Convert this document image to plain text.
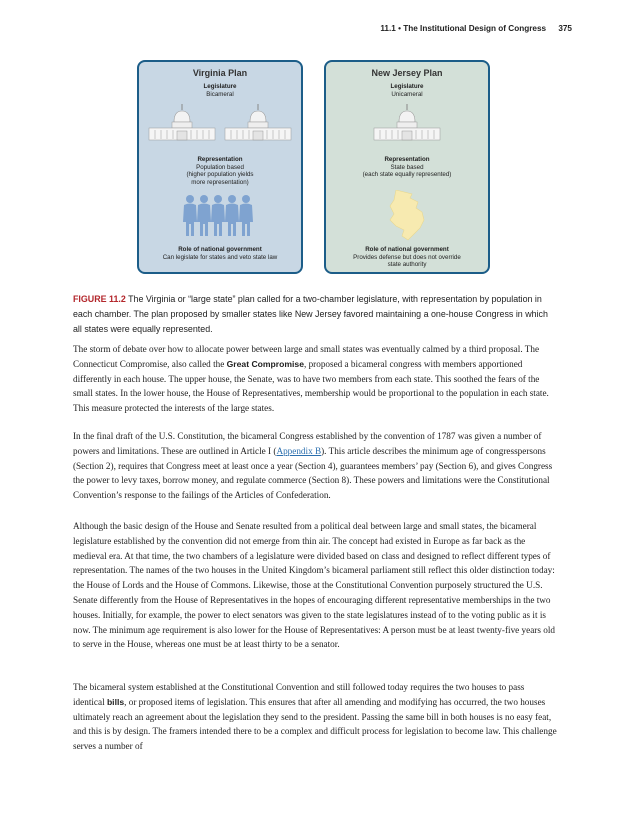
11.1 • The Institutional Design of Congress 375
Virginia Plan
Legislature
Bicameral
Representation
Population based
(higher population yields
more representation)
Role of national government
Can legislate for states and veto state law
New Jersey Plan
Legislature
Unicameral
Representation
State based
(each state equally represented)
Role of national government
Provides defense but does not override
state authority
FIGURE 11.2 The Virginia or “large state” plan called for a two-chamber legislature, with representation by population in each chamber. The plan proposed by smaller states like New Jersey favored maintaining a one-house Congress in which all states were equally represented.

The storm of debate over how to allocate power between large and small states was eventually calmed by a third proposal. The Connecticut Compromise, also called the Great Compromise, proposed a bicameral congress with members apportioned differently in each house. The upper house, the Senate, was to have two members from each state. This soothed the fears of the small states. In the lower house, the House of Representatives, membership would be proportional to the population in each state. This measure protected the interests of the large states.

In the final draft of the U.S. Constitution, the bicameral Congress established by the convention of 1787 was given a number of powers and limitations. These are outlined in Article I (Appendix B). This article describes the minimum age of congresspersons (Section 2), requires that Congress meet at least once a year (Section 4), guarantees members’ pay (Section 6), and gives Congress the power to levy taxes, borrow money, and regulate commerce (Section 8). These powers and limitations were the Constitutional Convention’s response to the failings of the Articles of Confederation.

Although the basic design of the House and Senate resulted from a political deal between large and small states, the bicameral legislature established by the convention did not emerge from thin air. The concept had existed in Europe as far back as the medieval era. At that time, the two chambers of a legislature were divided based on class and designed to reflect different types of representation. The names of the two houses in the United Kingdom’s bicameral parliament still reflect this older distinction today: the House of Lords and the House of Commons. Likewise, those at the Constitutional Convention purposely structured the U.S. Senate differently from the House of Representatives in the hopes of encouraging different representative memberships in the two houses. Initially, for example, the power to elect senators was given to the state legislatures instead of to the voting public as it is now. The minimum age requirement is also lower for the House of Representatives: A person must be at least twenty-five years old to serve in the House, whereas one must be at least thirty to be a senator.

The bicameral system established at the Constitutional Convention and still followed today requires the two houses to pass identical bills, or proposed items of legislation. This ensures that after all amending and modifying has occurred, the two houses ultimately reach an agreement about the legislation they send to the president. Passing the same bill in both houses is no easy feat, and this is by design. The framers intended there to be a complex and difficult process for legislation to become law. This challenge serves a number of
